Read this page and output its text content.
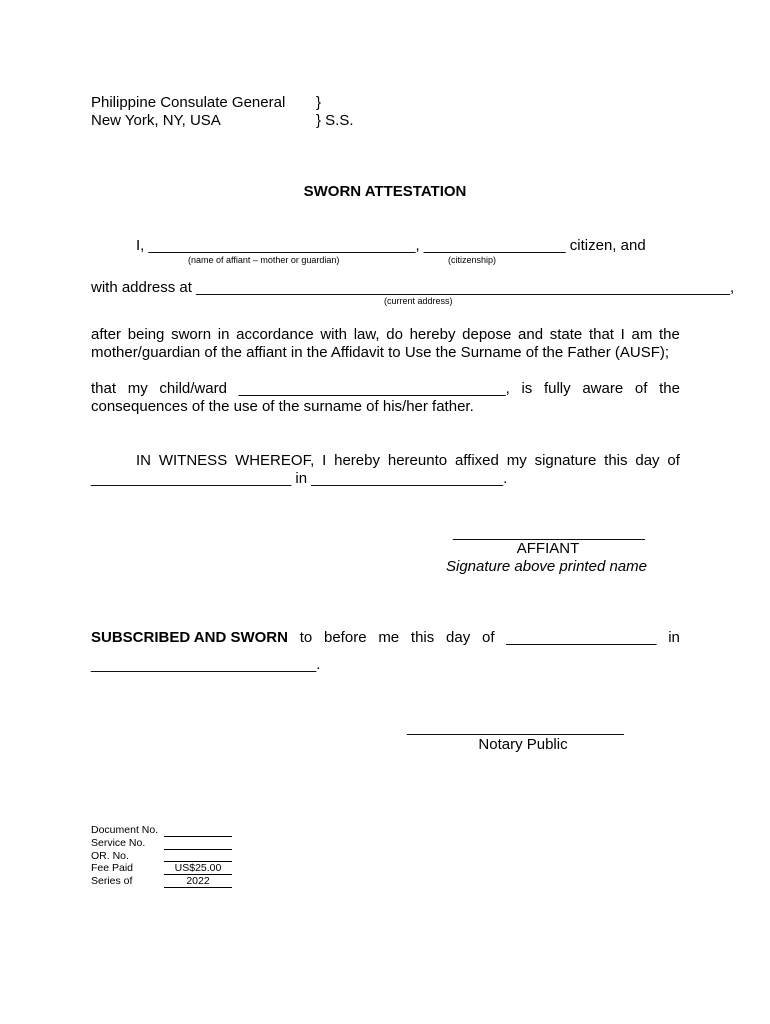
Philippine Consulate General
New York, NY, USA
}
} S.S.
SWORN ATTESTATION
I, ________________________________, _________________ citizen, and
(name of affiant – mother or guardian)	(citizenship)
with address at ________________________________________________________________,
(current address)
after being sworn in accordance with law, do hereby depose and state that I am the
mother/guardian of the affiant in the Affidavit to Use the Surname of the Father (AUSF);
that my child/ward ________________________________, is fully aware of the
consequences of the use of the surname of his/her father.
IN WITNESS WHEREOF, I hereby hereunto affixed my signature this day of
________________________ in _______________________.
_______________________
AFFIANT
Signature above printed name
SUBSCRIBED AND SWORN to before me this day of __________________ in
___________________________.
__________________________
Notary Public
Document No.
Service No.
OR. No.
Fee Paid
Series of
US$25.00
2022
